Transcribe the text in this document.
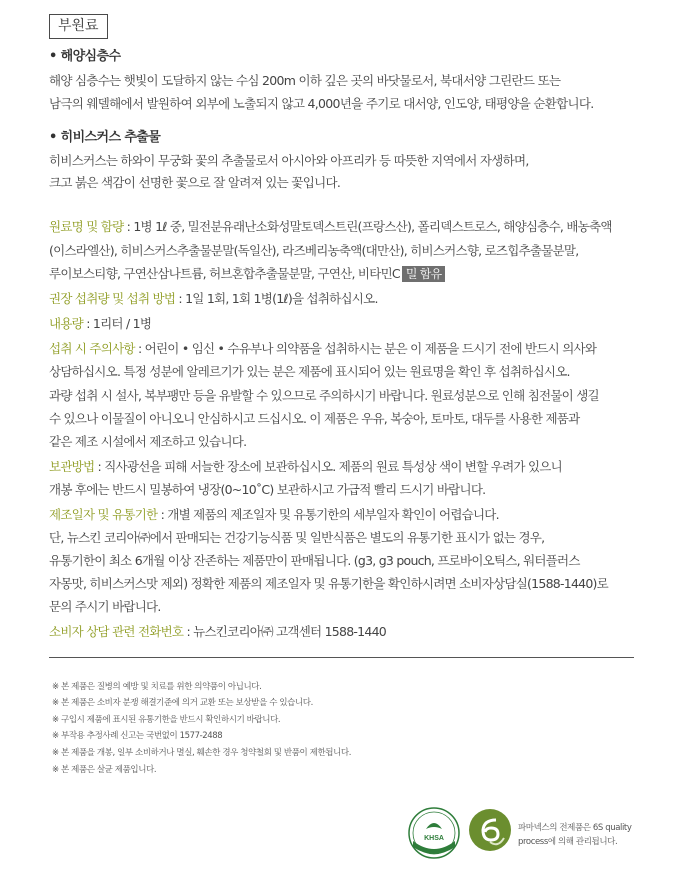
부원료
• 해양심층수
해양 심층수는 햇빛이 도달하지 않는 수심 200m 이하 깊은 곳의 바닷물로서, 북대서양 그린란드 또는
남극의 웨델해에서 발원하여 외부에 노출되지 않고 4,000년을 주기로 대서양, 인도양, 태평양을 순환합니다.
• 히비스커스 추출물
히비스커스는 하와이 무궁화 꽃의 추출물로서 아시아와 아프리카 등 따뜻한 지역에서 자생하며,
크고 붉은 색감이 선명한 꽃으로 잘 알려져 있는 꽃입니다.
원료명 및 함량 : 1병 1ℓ 중, 밀전분유래난소화성말토덱스트린(프랑스산), 폴리덱스트로스, 해양심층수, 배농축액
(이스라엘산), 히비스커스추출물분말(독일산), 라즈베리농축액(대만산), 히비스커스향, 로즈힙추출물분말,
루이보스티향, 구연산삼나트륨, 허브혼합추출물분말, 구연산, 비타민C 밀 함유
권장 섭취량 및 섭취 방법 : 1일 1회, 1회 1병(1ℓ)을 섭취하십시오.
내용량 : 1리터 / 1병
섭취 시 주의사항 : 어린이 • 임신 • 수유부나 의약품을 섭취하시는 분은 이 제품을 드시기 전에 반드시 의사와
상담하십시오. 특정 성분에 알레르기가 있는 분은 제품에 표시되어 있는 원료명을 확인 후 섭취하십시오.
과량 섭취 시 설사, 복부팽만 등을 유발할 수 있으므로 주의하시기 바랍니다. 원료성분으로 인해 침전물이 생길
수 있으나 이물질이 아니오니 안심하시고 드십시오. 이 제품은 우유, 복숭아, 토마토, 대두를 사용한 제품과
같은 제조 시설에서 제조하고 있습니다.
보관방법 : 직사광선을 피해 서늘한 장소에 보관하십시오. 제품의 원료 특성상 색이 변할 우려가 있으니
개봉 후에는 반드시 밀봉하여 냉장(0~10˚C) 보관하시고 가급적 빨리 드시기 바랍니다.
제조일자 및 유통기한 : 개별 제품의 제조일자 및 유통기한의 세부일자 확인이 어렵습니다.
단, 뉴스킨 코리아㈜에서 판매되는 건강기능식품 및 일반식품은 별도의 유통기한 표시가 없는 경우,
유통기한이 최소 6개월 이상 잔존하는 제품만이 판매됩니다. (g3, g3 pouch, 프로바이오틱스, 워터플러스
자몽맛, 히비스커스맛 제외) 정확한 제품의 제조일자 및 유통기한을 확인하시려면 소비자상담실(1588-1440)로
문의 주시기 바랍니다.
소비자 상담 관련 전화번호 : 뉴스킨코리아㈜ 고객센터 1588-1440
※ 본 제품은 질병의 예방 및 치료를 위한 의약품이 아닙니다.
※ 본 제품은 소비자 분쟁 해결기준에 의거 교환 또는 보상받을 수 있습니다.
※ 구입시 제품에 표시된 유통기한을 반드시 확인하시기 바랍니다.
※ 부작용 추정사례 신고는 국번없이 1577-2488
※ 본 제품을 개봉, 일부 소비하거나 멸실, 훼손한 경우 청약철회 및 반품이 제한됩니다.
※ 본 제품은 살균 제품입니다.
KHSA
파마넥스의 전제품은 6S quality
process에 의해 관리됩니다.
